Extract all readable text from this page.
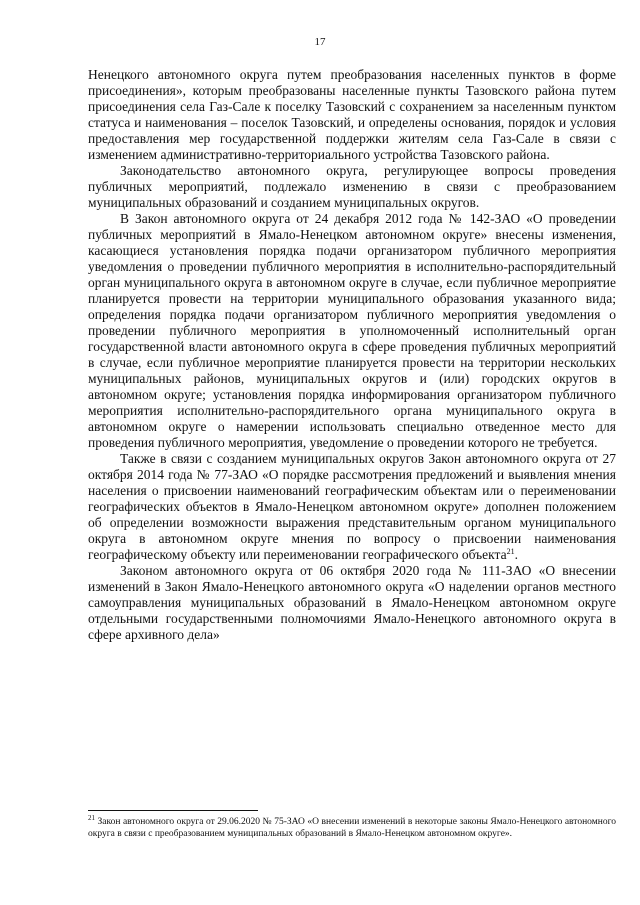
17

Ненецкого автономного округа путем преобразования населенных пунктов в форме присоединения», которым преобразованы населенные пункты Тазовского района путем присоединения села Газ-Сале к поселку Тазовский с сохранением за населенным пунктом статуса и наименования – поселок Тазовский, и определены основания, порядок и условия предоставления мер государственной поддержки жителям села Газ-Сале в связи с изменением административно-территориального устройства Тазовского района.

Законодательство автономного округа, регулирующее вопросы проведения публичных мероприятий, подлежало изменению в связи с преобразованием муниципальных образований и созданием муниципальных округов.

В Закон автономного округа от 24 декабря 2012 года № 142-ЗАО «О проведении публичных мероприятий в Ямало-Ненецком автономном округе» внесены изменения, касающиеся установления порядка подачи организатором публичного мероприятия уведомления о проведении публичного мероприятия в исполнительно-распорядительный орган муниципального округа в автономном округе в случае, если публичное мероприятие планируется провести на территории муниципального образования указанного вида; определения порядка подачи организатором публичного мероприятия уведомления о проведении публичного мероприятия в уполномоченный исполнительный орган государственной власти автономного округа в сфере проведения публичных мероприятий в случае, если публичное мероприятие планируется провести на территории нескольких муниципальных районов, муниципальных округов и (или) городских округов в автономном округе; установления порядка информирования организатором публичного мероприятия исполнительно-распорядительного органа муниципального округа в автономном округе о намерении использовать специально отведенное место для проведения публичного мероприятия, уведомление о проведении которого не требуется.

Также в связи с созданием муниципальных округов Закон автономного округа от 27 октября 2014 года № 77-ЗАО «О порядке рассмотрения предложений и выявления мнения населения о присвоении наименований географическим объектам или о переименовании географических объектов в Ямало-Ненецком автономном округе» дополнен положением об определении возможности выражения представительным органом муниципального округа в автономном округе мнения по вопросу о присвоении наименования географическому объекту или переименовании географического объекта$^{21}$.

Законом автономного округа от 06 октября 2020 года № 111-ЗАО «О внесении изменений в Закон Ямало-Ненецкого автономного округа «О наделении органов местного самоуправления муниципальных образований в Ямало-Ненецком автономном округе отдельными государственными полномочиями Ямало-Ненецкого автономного округа в сфере архивного дела»

$^{21}$ Закон автономного округа от 29.06.2020 № 75-ЗАО «О внесении изменений в некоторые законы Ямало-Ненецкого автономного округа в связи с преобразованием муниципальных образований в Ямало-Ненецком автономном округе».
